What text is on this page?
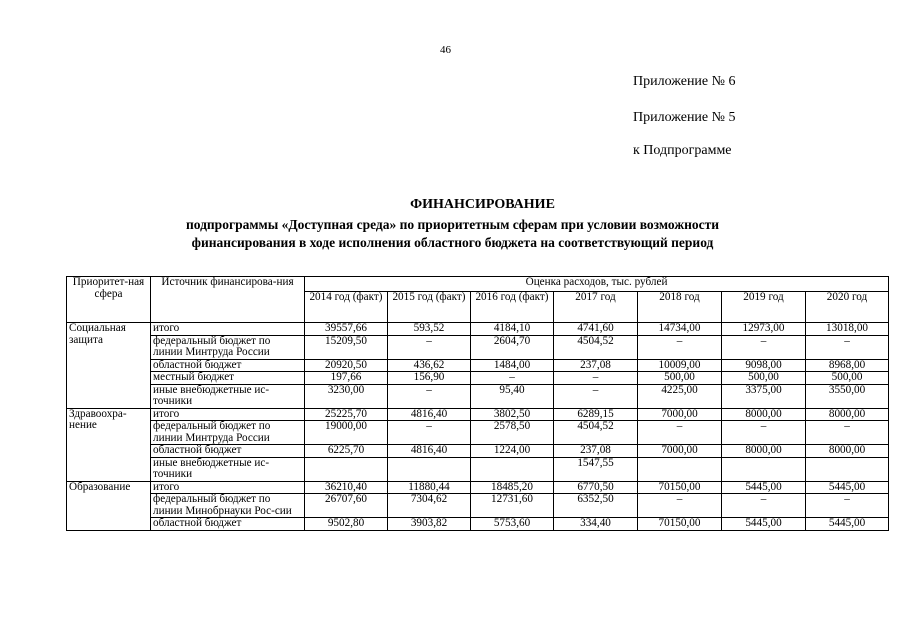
46
Приложение № 6
Приложение № 5
к Подпрограмме
ФИНАНСИРОВАНИЕ
подпрограммы «Доступная среда» по приоритетным сферам при условии возможности
финансирования в ходе исполнения областного бюджета на соответствующий период
Приоритет-ная сфера	Источник финансирова-ния	Оценка расходов, тыс. рублей						
		2014 год (факт)	2015 год (факт)	2016 год (факт)	2017 год	2018 год	2019 год	2020 год
Социальная защита	итого	39557,66	593,52	4184,10	4741,60	14734,00	12973,00	13018,00
	федеральный бюджет по линии Минтруда России	15209,50	–	2604,70	4504,52	–	–	–
	областной бюджет	20920,50	436,62	1484,00	237,08	10009,00	9098,00	8968,00
	местный бюджет	197,66	156,90	–	–	500,00	500,00	500,00
	иные внебюджетные ис-точники	3230,00	–	95,40	–	4225,00	3375,00	3550,00
Здравоохра-нение	итого	25225,70	4816,40	3802,50	6289,15	7000,00	8000,00	8000,00
	федеральный бюджет по линии Минтруда России	19000,00	–	2578,50	4504,52	–	–	–
	областной бюджет	6225,70	4816,40	1224,00	237,08	7000,00	8000,00	8000,00
	иные внебюджетные ис-точники				1547,55			
Образование	итого	36210,40	11880,44	18485,20	6770,50	70150,00	5445,00	5445,00
	федеральный бюджет по линии Минобрнауки Рос-сии	26707,60	7304,62	12731,60	6352,50	–	–	–
	областной бюджет	9502,80	3903,82	5753,60	334,40	70150,00	5445,00	5445,00
